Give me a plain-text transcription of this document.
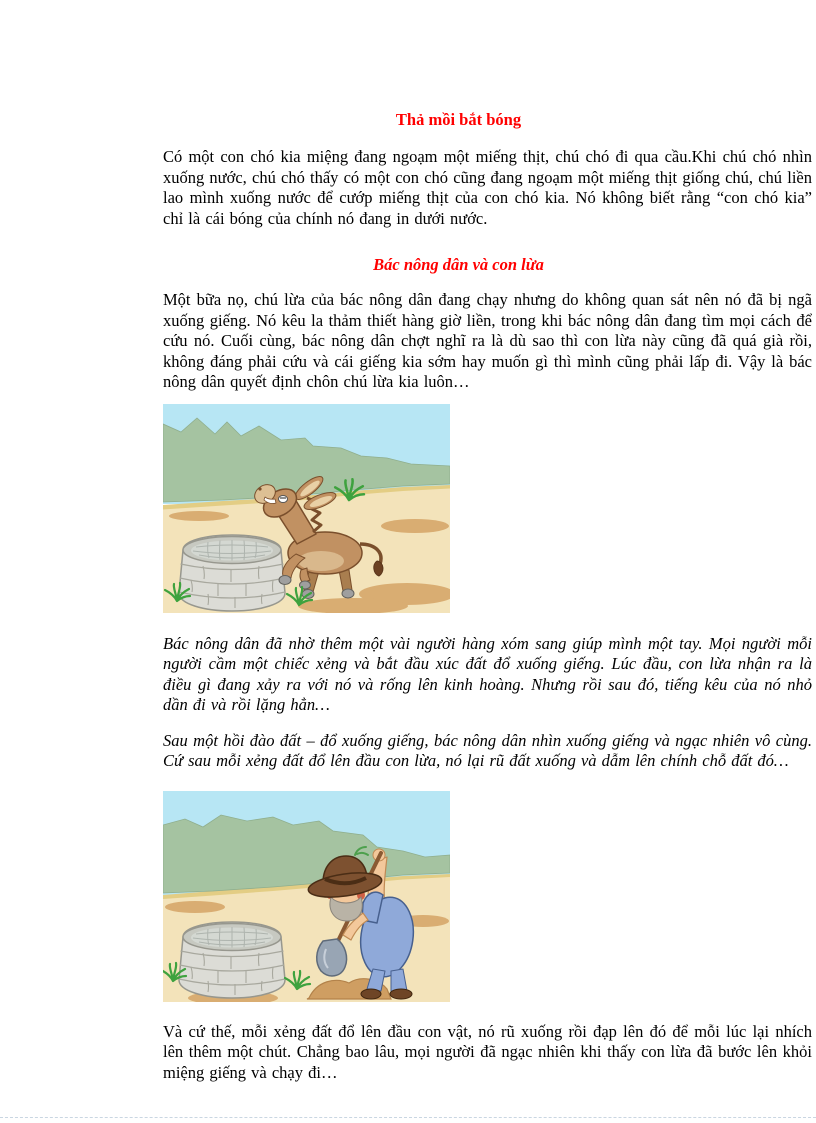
Thả mồi bắt bóng

Có một con chó kia miệng đang ngoạm một miếng thịt, chú chó đi qua cầu.Khi chú chó nhìn xuống nước, chú chó thấy có một con chó cũng đang ngoạm một miếng thịt giống chú, chú liền lao mình xuống nước để cướp miếng thịt của con chó kia. Nó không biết rằng “con chó kia” chỉ là cái bóng của chính nó đang in dưới nước.

Bác nông dân và con lừa

Một bữa nọ, chú lừa của bác nông dân đang chạy nhưng do không quan sát nên nó đã bị ngã xuống giếng. Nó kêu la thảm thiết hàng giờ liền, trong khi bác nông dân đang tìm mọi cách để cứu nó. Cuối cùng, bác nông dân chợt nghĩ ra là dù sao thì con lừa này cũng đã quá già rồi, không đáng phải cứu và cái giếng kia sớm hay muốn gì thì mình cũng phải lấp đi. Vậy là bác nông dân quyết định chôn chú lừa kia luôn…

Bác nông dân đã nhờ thêm một vài người hàng xóm sang giúp mình một tay. Mọi người mỗi người cầm một chiếc xẻng và bắt đầu xúc đất đổ xuống giếng. Lúc đầu, con lừa nhận ra là điều gì đang xảy ra với nó và rống lên kinh hoàng. Nhưng rồi sau đó, tiếng kêu của nó nhỏ dần đi và rồi lặng hẳn…

Sau một hồi đào đất – đổ xuống giếng, bác nông dân nhìn xuống giếng và ngạc nhiên vô cùng. Cứ sau mỗi xẻng đất đổ lên đầu con lừa, nó lại rũ đất xuống và dẫm lên chính chỗ đất đó…

Và cứ thế, mỗi xẻng đất đổ lên đầu con vật, nó rũ xuống rồi đạp lên đó để mỗi lúc lại nhích lên thêm một chút. Chẳng bao lâu, mọi người đã ngạc nhiên khi thấy con lừa đã bước lên khỏi miệng giếng và chạy đi…
